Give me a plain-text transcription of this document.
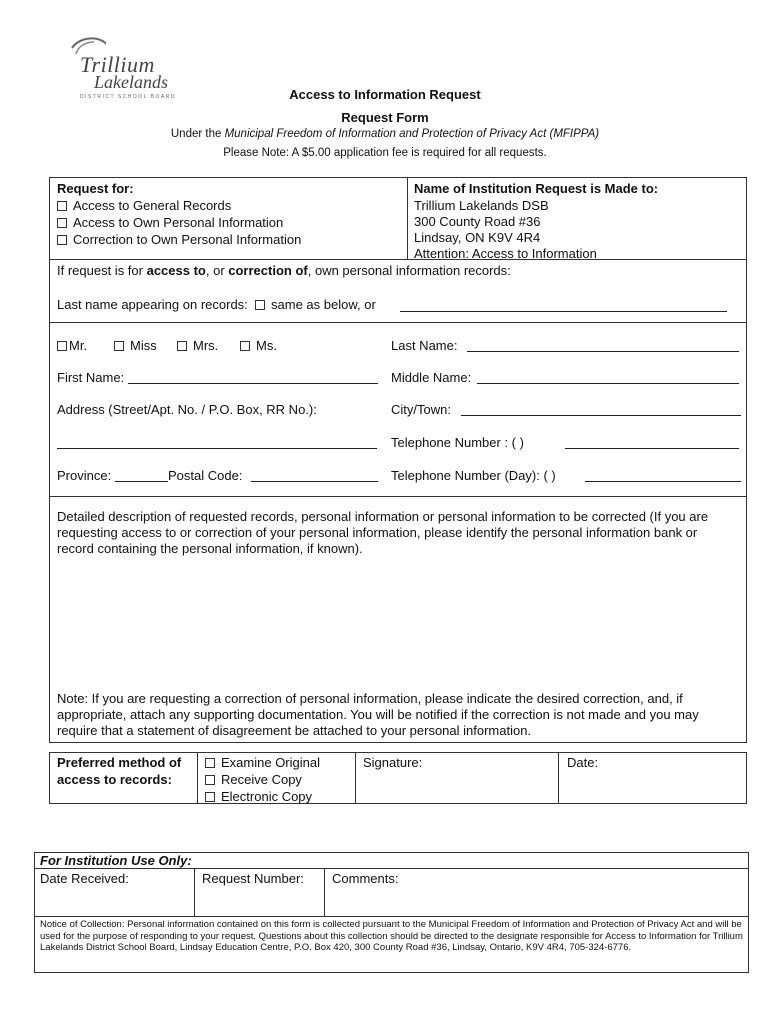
Trillium
Lakelands
DISTRICT SCHOOL BOARD	Access to Information Request
Request Form
Under the Municipal Freedom of Information and Protection of Privacy Act (MFIPPA)
Please Note: A $5.00 application fee is required for all requests.
Request for:
Access to General Records
Access to Own Personal Information
Correction to Own Personal Information
Name of Institution Request is Made to:
Trillium Lakelands DSB
300 County Road #36
Lindsay, ON K9V 4R4
Attention: Access to Information
If request is for access to, or correction of, own personal information records:
Last name appearing on records: same as below, or
Mr.	Miss	Mrs.	Ms.	Last Name:
First Name:	Middle Name:
Address (Street/Apt. No. / P.O. Box, RR No.):	City/Town:
Telephone Number : ( )
Province:	Postal Code:	Telephone Number (Day): ( )
Detailed description of requested records, personal information or personal information to be corrected (If you are requesting access to or correction of your personal information, please identify the personal information bank or record containing the personal information, if known).
Note: If you are requesting a correction of personal information, please indicate the desired correction, and, if appropriate, attach any supporting documentation. You will be notified if the correction is not made and you may require that a statement of disagreement be attached to your personal information.
Preferred method of
access to records:
Examine Original
Receive Copy
Electronic Copy
Signature:	Date:
For Institution Use Only:
Date Received:	Request Number: Comments:
Notice of Collection: Personal information contained on this form is collected pursuant to the Municipal Freedom of Information and Protection of Privacy Act and will be used for the purpose of responding to your request. Questions about this collection should be directed to the designate responsible for Access to Information for Trillium Lakelands District School Board, Lindsay Education Centre, P.O. Box 420, 300 County Road #36, Lindsay, Ontario, K9V 4R4, 705-324-6776.
